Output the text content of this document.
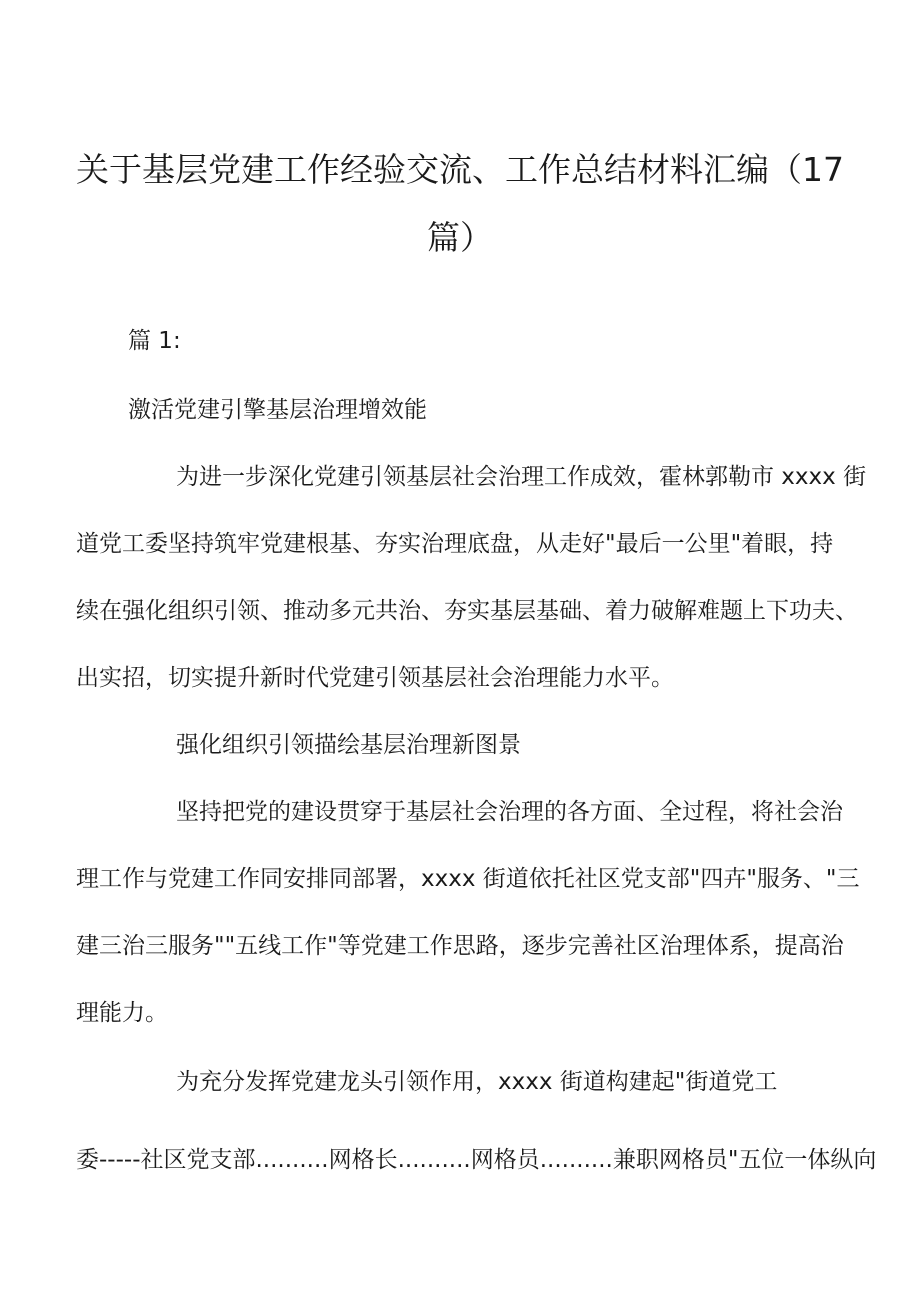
关于基层党建工作经验交流、工作总结材料汇编（17
篇）
篇 1:
激活党建引擎基层治理增效能
为进一步深化党建引领基层社会治理工作成效，霍林郭勒市 xxxx 街
道党工委坚持筑牢党建根基、夯实治理底盘，从走好"最后一公里"着眼，持
续在强化组织引领、推动多元共治、夯实基层基础、着力破解难题上下功夫、
出实招，切实提升新时代党建引领基层社会治理能力水平。
强化组织引领描绘基层治理新图景
坚持把党的建设贯穿于基层社会治理的各方面、全过程，将社会治
理工作与党建工作同安排同部署，xxxx 街道依托社区党支部"四卉"服务、"三
建三治三服务""五线工作"等党建工作思路，逐步完善社区治理体系，提高治
理能力。
为充分发挥党建龙头引领作用，xxxx 街道构建起"街道党工
委-----社区党支部..........网格长..........网格员..........兼职网格员"五位一体纵向
